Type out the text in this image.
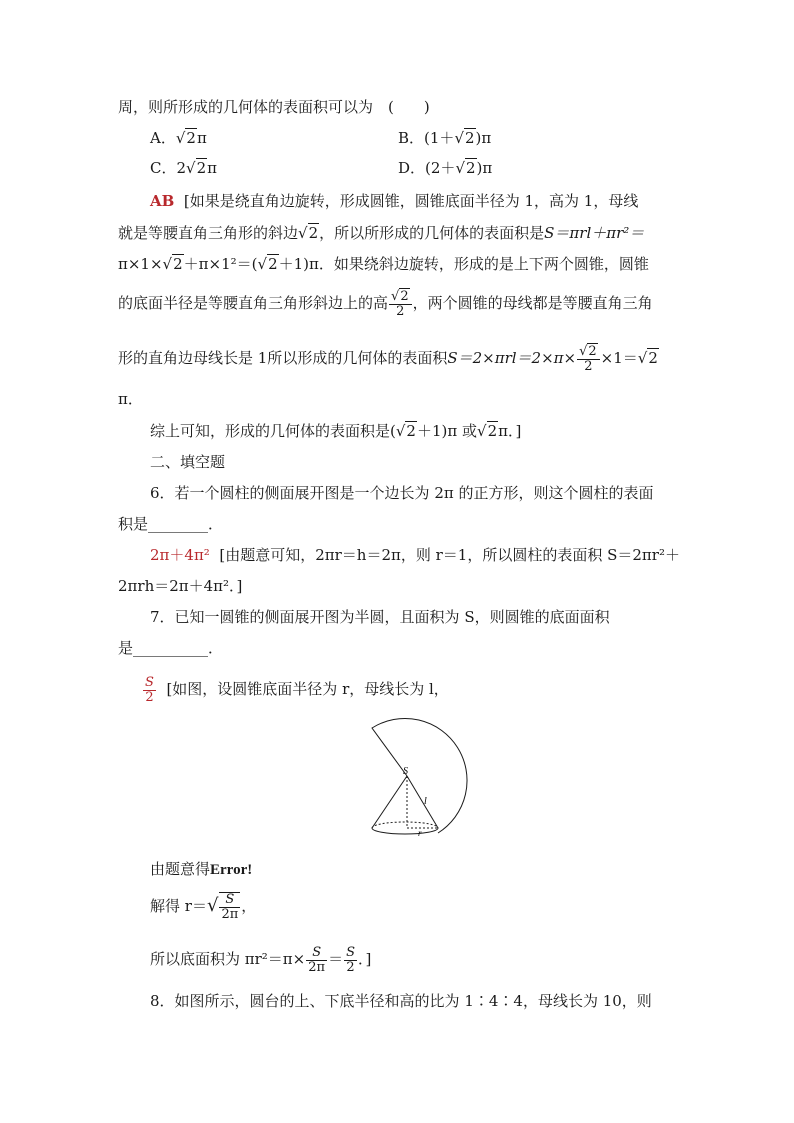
周，则所形成的几何体的表面积可以为　(　　)
A．√2π	B．(1＋√2)π
C．2√2π	D．(2＋√2)π
AB [如果是绕直角边旋转，形成圆锥，圆锥底面半径为 1，高为 1，母线
就是等腰直角三角形的斜边√2，所以所形成的几何体的表面积是S＝πrl＋πr²＝
π×1×√2＋π×1²＝(√2＋1)π．如果绕斜边旋转，形成的是上下两个圆锥，圆锥
的底面半径是等腰直角三角形斜边上的高 $\frac{√2}{2}$ ，两个圆锥的母线都是等腰直角三角
形的直角边母线长是 1所以形成的几何体的表面积$S=2\times\pi rl=2\times\pi\times \frac{√2}{2} \times 1=√2$
π．
综上可知，形成的几何体的表面积是(√2＋1)π 或√2π．]
二、填空题
6．若一个圆柱的侧面展开图是一个边长为 2π 的正方形，则这个圆柱的表面
积是________．
2π＋4π² [由题意可知，2πr＝h＝2π，则 r＝1，所以圆柱的表面积 S＝2πr²＋
2πrh＝2π＋4π²．]
7．已知一圆锥的侧面展开图为半圆，且面积为 S，则圆锥的底面面积
是__________．
$\frac{S}{2}$ [如图，设圆锥底面半径为 r，母线长为 l，
S
l
r
由题意得Error!
解得 $r=√ \frac{S}{2\pi}$ ，
所以底面积为 $\pi r^2=\pi\times \frac{S}{2\pi} = \frac{S}{2}$ ．]
8．如图所示，圆台的上、下底半径和高的比为 1∶4∶4，母线长为 10，则
